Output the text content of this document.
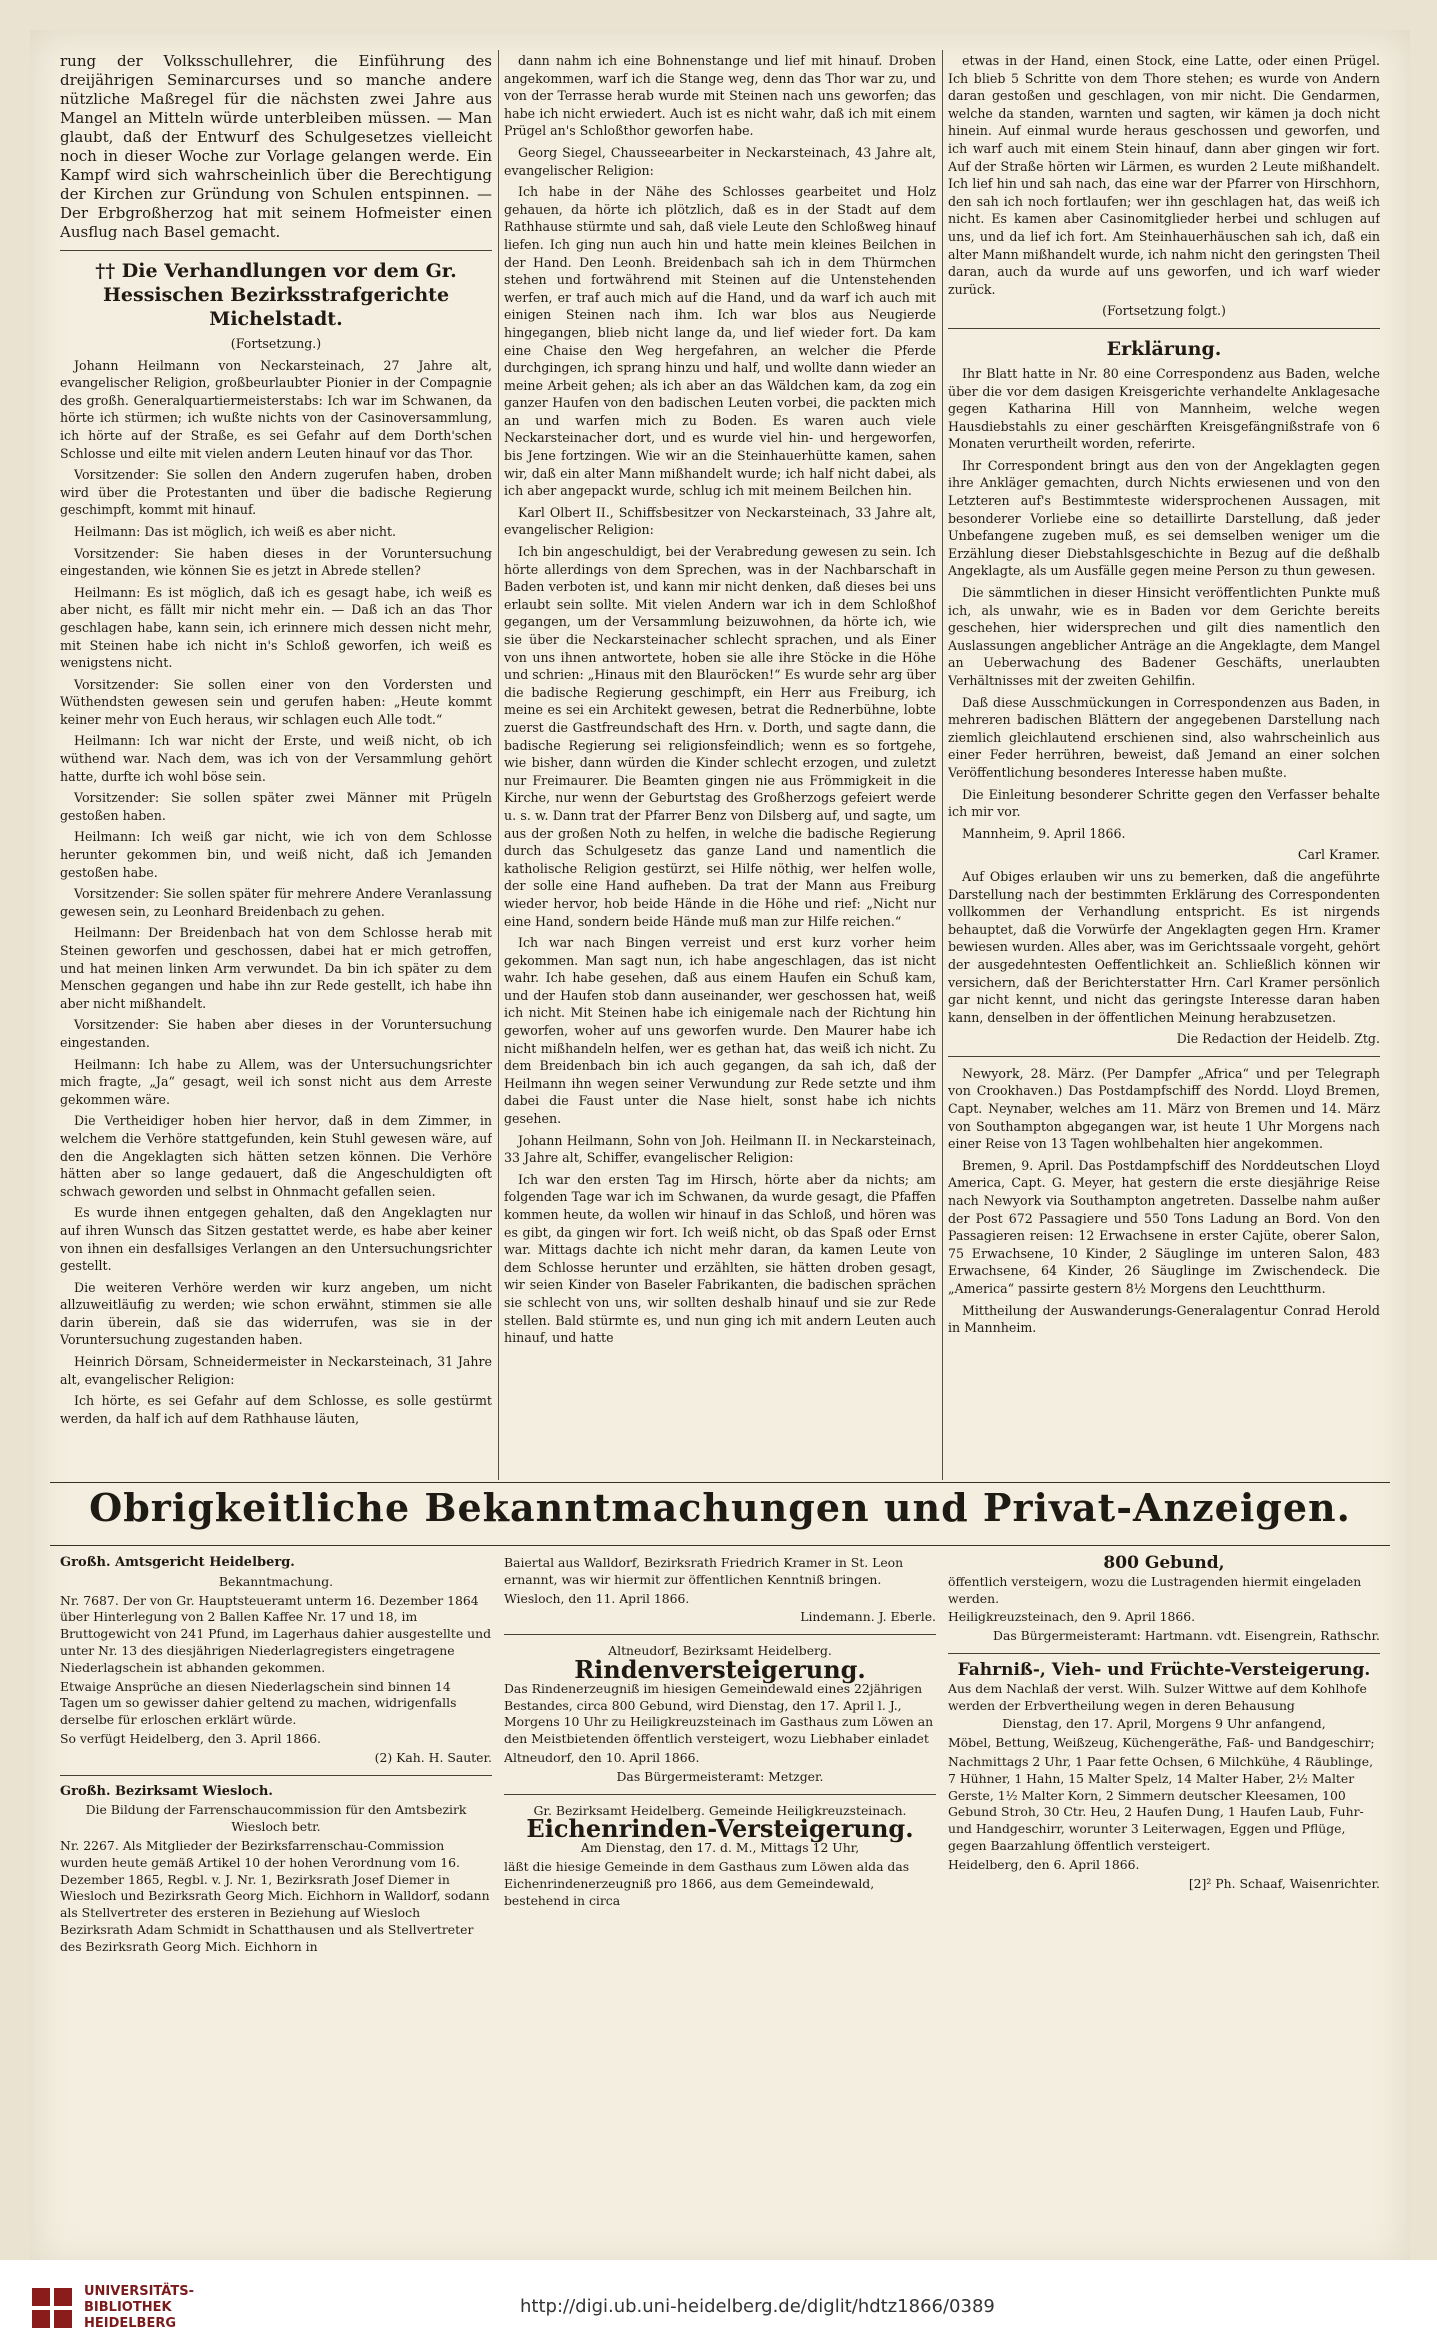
rung der Volksschullehrer, die Einführung des dreijährigen Seminarcurses und so manche andere nützliche Maßregel für die nächsten zwei Jahre aus Mangel an Mitteln würde unterbleiben müssen. — Man glaubt, daß der Entwurf des Schulgesetzes vielleicht noch in dieser Woche zur Vorlage gelangen werde. Ein Kampf wird sich wahrscheinlich über die Berechtigung der Kirchen zur Gründung von Schulen entspinnen. — Der Erbgroßherzog hat mit seinem Hofmeister einen Ausflug nach Basel gemacht.

†† Die Verhandlungen vor dem Gr. Hessischen Bezirksstrafgerichte Michelstadt.

(Fortsetzung.)

Johann Heilmann von Neckarsteinach, 27 Jahre alt, evangelischer Religion, großbeurlaubter Pionier in der Compagnie des großh. Generalquartiermeisterstabs: Ich war im Schwanen, da hörte ich stürmen; ich wußte nichts von der Casinoversammlung, ich hörte auf der Straße, es sei Gefahr auf dem Dorth'schen Schlosse und eilte mit vielen andern Leuten hinauf vor das Thor.

Vorsitzender: Sie sollen den Andern zugerufen haben, droben wird über die Protestanten und über die badische Regierung geschimpft, kommt mit hinauf.

Heilmann: Das ist möglich, ich weiß es aber nicht.

Vorsitzender: Sie haben dieses in der Voruntersuchung eingestanden, wie können Sie es jetzt in Abrede stellen?

Heilmann: Es ist möglich, daß ich es gesagt habe, ich weiß es aber nicht, es fällt mir nicht mehr ein. — Daß ich an das Thor geschlagen habe, kann sein, ich erinnere mich dessen nicht mehr, mit Steinen habe ich nicht in's Schloß geworfen, ich weiß es wenigstens nicht.

Vorsitzender: Sie sollen einer von den Vordersten und Wüthendsten gewesen sein und gerufen haben: „Heute kommt keiner mehr von Euch heraus, wir schlagen euch Alle todt.“

Heilmann: Ich war nicht der Erste, und weiß nicht, ob ich wüthend war. Nach dem, was ich von der Versammlung gehört hatte, durfte ich wohl böse sein.

Vorsitzender: Sie sollen später zwei Männer mit Prügeln gestoßen haben.

Heilmann: Ich weiß gar nicht, wie ich von dem Schlosse herunter gekommen bin, und weiß nicht, daß ich Jemanden gestoßen habe.

Vorsitzender: Sie sollen später für mehrere Andere Veranlassung gewesen sein, zu Leonhard Breidenbach zu gehen.

Heilmann: Der Breidenbach hat von dem Schlosse herab mit Steinen geworfen und geschossen, dabei hat er mich getroffen, und hat meinen linken Arm verwundet. Da bin ich später zu dem Menschen gegangen und habe ihn zur Rede gestellt, ich habe ihn aber nicht mißhandelt.

Vorsitzender: Sie haben aber dieses in der Voruntersuchung eingestanden.

Heilmann: Ich habe zu Allem, was der Untersuchungsrichter mich fragte, „Ja“ gesagt, weil ich sonst nicht aus dem Arreste gekommen wäre.

Die Vertheidiger hoben hier hervor, daß in dem Zimmer, in welchem die Verhöre stattgefunden, kein Stuhl gewesen wäre, auf den die Angeklagten sich hätten setzen können. Die Verhöre hätten aber so lange gedauert, daß die Angeschuldigten oft schwach geworden und selbst in Ohnmacht gefallen seien.

Es wurde ihnen entgegen gehalten, daß den Angeklagten nur auf ihren Wunsch das Sitzen gestattet werde, es habe aber keiner von ihnen ein desfallsiges Verlangen an den Untersuchungsrichter gestellt.

Die weiteren Verhöre werden wir kurz angeben, um nicht allzuweitläufig zu werden; wie schon erwähnt, stimmen sie alle darin überein, daß sie das widerrufen, was sie in der Voruntersuchung zugestanden haben.

Heinrich Dörsam, Schneidermeister in Neckarsteinach, 31 Jahre alt, evangelischer Religion:

Ich hörte, es sei Gefahr auf dem Schlosse, es solle gestürmt werden, da half ich auf dem Rathhause läuten,

dann nahm ich eine Bohnenstange und lief mit hinauf. Droben angekommen, warf ich die Stange weg, denn das Thor war zu, und von der Terrasse herab wurde mit Steinen nach uns geworfen; das habe ich nicht erwiedert. Auch ist es nicht wahr, daß ich mit einem Prügel an's Schloßthor geworfen habe.

Georg Siegel, Chausseearbeiter in Neckarsteinach, 43 Jahre alt, evangelischer Religion:

Ich habe in der Nähe des Schlosses gearbeitet und Holz gehauen, da hörte ich plötzlich, daß es in der Stadt auf dem Rathhause stürmte und sah, daß viele Leute den Schloßweg hinauf liefen. Ich ging nun auch hin und hatte mein kleines Beilchen in der Hand. Den Leonh. Breidenbach sah ich in dem Thürmchen stehen und fortwährend mit Steinen auf die Untenstehenden werfen, er traf auch mich auf die Hand, und da warf ich auch mit einigen Steinen nach ihm. Ich war blos aus Neugierde hingegangen, blieb nicht lange da, und lief wieder fort. Da kam eine Chaise den Weg hergefahren, an welcher die Pferde durchgingen, ich sprang hinzu und half, und wollte dann wieder an meine Arbeit gehen; als ich aber an das Wäldchen kam, da zog ein ganzer Haufen von den badischen Leuten vorbei, die packten mich an und warfen mich zu Boden. Es waren auch viele Neckarsteinacher dort, und es wurde viel hin- und hergeworfen, bis Jene fortzingen. Wie wir an die Steinhauerhütte kamen, sahen wir, daß ein alter Mann mißhandelt wurde; ich half nicht dabei, als ich aber angepackt wurde, schlug ich mit meinem Beilchen hin.

Karl Olbert II., Schiffsbesitzer von Neckarsteinach, 33 Jahre alt, evangelischer Religion:

Ich bin angeschuldigt, bei der Verabredung gewesen zu sein. Ich hörte allerdings von dem Sprechen, was in der Nachbarschaft in Baden verboten ist, und kann mir nicht denken, daß dieses bei uns erlaubt sein sollte. Mit vielen Andern war ich in dem Schloßhof gegangen, um der Versammlung beizuwohnen, da hörte ich, wie sie über die Neckarsteinacher schlecht sprachen, und als Einer von uns ihnen antwortete, hoben sie alle ihre Stöcke in die Höhe und schrien: „Hinaus mit den Blauröcken!“ Es wurde sehr arg über die badische Regierung geschimpft, ein Herr aus Freiburg, ich meine es sei ein Architekt gewesen, betrat die Rednerbühne, lobte zuerst die Gastfreundschaft des Hrn. v. Dorth, und sagte dann, die badische Regierung sei religionsfeindlich; wenn es so fortgehe, wie bisher, dann würden die Kinder schlecht erzogen, und zuletzt nur Freimaurer. Die Beamten gingen nie aus Frömmigkeit in die Kirche, nur wenn der Geburtstag des Großherzogs gefeiert werde u. s. w. Dann trat der Pfarrer Benz von Dilsberg auf, und sagte, um aus der großen Noth zu helfen, in welche die badische Regierung durch das Schulgesetz das ganze Land und namentlich die katholische Religion gestürzt, sei Hilfe nöthig, wer helfen wolle, der solle eine Hand aufheben. Da trat der Mann aus Freiburg wieder hervor, hob beide Hände in die Höhe und rief: „Nicht nur eine Hand, sondern beide Hände muß man zur Hilfe reichen.“

Ich war nach Bingen verreist und erst kurz vorher heim gekommen. Man sagt nun, ich habe angeschlagen, das ist nicht wahr. Ich habe gesehen, daß aus einem Haufen ein Schuß kam, und der Haufen stob dann auseinander, wer geschossen hat, weiß ich nicht. Mit Steinen habe ich einigemale nach der Richtung hin geworfen, woher auf uns geworfen wurde. Den Maurer habe ich nicht mißhandeln helfen, wer es gethan hat, das weiß ich nicht. Zu dem Breidenbach bin ich auch gegangen, da sah ich, daß der Heilmann ihn wegen seiner Verwundung zur Rede setzte und ihm dabei die Faust unter die Nase hielt, sonst habe ich nichts gesehen.

Johann Heilmann, Sohn von Joh. Heilmann II. in Neckarsteinach, 33 Jahre alt, Schiffer, evangelischer Religion:

Ich war den ersten Tag im Hirsch, hörte aber da nichts; am folgenden Tage war ich im Schwanen, da wurde gesagt, die Pfaffen kommen heute, da wollen wir hinauf in das Schloß, und hören was es gibt, da gingen wir fort. Ich weiß nicht, ob das Spaß oder Ernst war. Mittags dachte ich nicht mehr daran, da kamen Leute von dem Schlosse herunter und erzählten, sie hätten droben gesagt, wir seien Kinder von Baseler Fabrikanten, die badischen sprächen sie schlecht von uns, wir sollten deshalb hinauf und sie zur Rede stellen. Bald stürmte es, und nun ging ich mit andern Leuten auch hinauf, und hatte

etwas in der Hand, einen Stock, eine Latte, oder einen Prügel. Ich blieb 5 Schritte von dem Thore stehen; es wurde von Andern daran gestoßen und geschlagen, von mir nicht. Die Gendarmen, welche da standen, warnten und sagten, wir kämen ja doch nicht hinein. Auf einmal wurde heraus geschossen und geworfen, und ich warf auch mit einem Stein hinauf, dann aber gingen wir fort. Auf der Straße hörten wir Lärmen, es wurden 2 Leute mißhandelt. Ich lief hin und sah nach, das eine war der Pfarrer von Hirschhorn, den sah ich noch fortlaufen; wer ihn geschlagen hat, das weiß ich nicht. Es kamen aber Casinomitglieder herbei und schlugen auf uns, und da lief ich fort. Am Steinhauerhäuschen sah ich, daß ein alter Mann mißhandelt wurde, ich nahm nicht den geringsten Theil daran, auch da wurde auf uns geworfen, und ich warf wieder zurück.

(Fortsetzung folgt.)

Erklärung.

Ihr Blatt hatte in Nr. 80 eine Correspondenz aus Baden, welche über die vor dem dasigen Kreisgerichte verhandelte Anklagesache gegen Katharina Hill von Mannheim, welche wegen Hausdiebstahls zu einer geschärften Kreisgefängnißstrafe von 6 Monaten verurtheilt worden, referirte.

Ihr Correspondent bringt aus den von der Angeklagten gegen ihre Ankläger gemachten, durch Nichts erwiesenen und von den Letzteren auf's Bestimmteste widersprochenen Aussagen, mit besonderer Vorliebe eine so detaillirte Darstellung, daß jeder Unbefangene zugeben muß, es sei demselben weniger um die Erzählung dieser Diebstahlsgeschichte in Bezug auf die deßhalb Angeklagte, als um Ausfälle gegen meine Person zu thun gewesen.

Die sämmtlichen in dieser Hinsicht veröffentlichten Punkte muß ich, als unwahr, wie es in Baden vor dem Gerichte bereits geschehen, hier widersprechen und gilt dies namentlich den Auslassungen angeblicher Anträge an die Angeklagte, dem Mangel an Ueberwachung des Badener Geschäfts, unerlaubten Verhältnisses mit der zweiten Gehilfin.

Daß diese Ausschmückungen in Correspondenzen aus Baden, in mehreren badischen Blättern der angegebenen Darstellung nach ziemlich gleichlautend erschienen sind, also wahrscheinlich aus einer Feder herrühren, beweist, daß Jemand an einer solchen Veröffentlichung besonderes Interesse haben mußte.

Die Einleitung besonderer Schritte gegen den Verfasser behalte ich mir vor.

Mannheim, 9. April 1866.

Carl Kramer.

Auf Obiges erlauben wir uns zu bemerken, daß die angeführte Darstellung nach der bestimmten Erklärung des Correspondenten vollkommen der Verhandlung entspricht. Es ist nirgends behauptet, daß die Vorwürfe der Angeklagten gegen Hrn. Kramer bewiesen wurden. Alles aber, was im Gerichtssaale vorgeht, gehört der ausgedehntesten Oeffentlichkeit an. Schließlich können wir versichern, daß der Berichterstatter Hrn. Carl Kramer persönlich gar nicht kennt, und nicht das geringste Interesse daran haben kann, denselben in der öffentlichen Meinung herabzusetzen.

Die Redaction der Heidelb. Ztg.

Newyork, 28. März. (Per Dampfer „Africa“ und per Telegraph von Crookhaven.) Das Postdampfschiff des Nordd. Lloyd Bremen, Capt. Neynaber, welches am 11. März von Bremen und 14. März von Southampton abgegangen war, ist heute 1 Uhr Morgens nach einer Reise von 13 Tagen wohlbehalten hier angekommen.

Bremen, 9. April. Das Postdampfschiff des Norddeutschen Lloyd America, Capt. G. Meyer, hat gestern die erste diesjährige Reise nach Newyork via Southampton angetreten. Dasselbe nahm außer der Post 672 Passagiere und 550 Tons Ladung an Bord. Von den Passagieren reisen: 12 Erwachsene in erster Cajüte, oberer Salon, 75 Erwachsene, 10 Kinder, 2 Säuglinge im unteren Salon, 483 Erwachsene, 64 Kinder, 26 Säuglinge im Zwischendeck. Die „America“ passirte gestern 8½ Morgens den Leuchtthurm.

Mittheilung der Auswanderungs-Generalagentur Conrad Herold in Mannheim.

Obrigkeitliche Bekanntmachungen und Privat-Anzeigen.

Großh. Amtsgericht Heidelberg.

Bekanntmachung.

Nr. 7687. Der von Gr. Hauptsteueramt unterm 16. Dezember 1864 über Hinterlegung von 2 Ballen Kaffee Nr. 17 und 18, im Bruttogewicht von 241 Pfund, im Lagerhaus dahier ausgestellte und unter Nr. 13 des diesjährigen Niederlagregisters eingetragene Niederlagschein ist abhanden gekommen.

Etwaige Ansprüche an diesen Niederlagschein sind binnen 14 Tagen um so gewisser dahier geltend zu machen, widrigenfalls derselbe für erloschen erklärt würde.

So verfügt Heidelberg, den 3. April 1866.

(2) Kah. H. Sauter.

Großh. Bezirksamt Wiesloch.

Die Bildung der Farrenschaucommission für den Amtsbezirk Wiesloch betr.

Nr. 2267. Als Mitglieder der Bezirksfarrenschau-Commission wurden heute gemäß Artikel 10 der hohen Verordnung vom 16. Dezember 1865, Regbl. v. J. Nr. 1, Bezirksrath Josef Diemer in Wiesloch und Bezirksrath Georg Mich. Eichhorn in Walldorf, sodann als Stellvertreter des ersteren in Beziehung auf Wiesloch Bezirksrath Adam Schmidt in Schatthausen und als Stellvertreter des Bezirksrath Georg Mich. Eichhorn in

Baiertal aus Walldorf, Bezirksrath Friedrich Kramer in St. Leon ernannt, was wir hiermit zur öffentlichen Kenntniß bringen.

Wiesloch, den 11. April 1866.

Lindemann. J. Eberle.

Altneudorf, Bezirksamt Heidelberg.

Rindenversteigerung.

Das Rindenerzeugniß im hiesigen Gemeindewald eines 22jährigen Bestandes, circa 800 Gebund, wird Dienstag, den 17. April l. J., Morgens 10 Uhr zu Heiligkreuzsteinach im Gasthaus zum Löwen an den Meistbietenden öffentlich versteigert, wozu Liebhaber einladet

Altneudorf, den 10. April 1866.

Das Bürgermeisteramt: Metzger.

Gr. Bezirksamt Heidelberg. Gemeinde Heiligkreuzsteinach.

Eichenrinden-Versteigerung.

Am Dienstag, den 17. d. M., Mittags 12 Uhr,

läßt die hiesige Gemeinde in dem Gasthaus zum Löwen alda das Eichenrindenerzeugniß pro 1866, aus dem Gemeindewald, bestehend in circa

800 Gebund,

öffentlich versteigern, wozu die Lustragenden hiermit eingeladen werden.

Heiligkreuzsteinach, den 9. April 1866.

Das Bürgermeisteramt: Hartmann. vdt. Eisengrein, Rathschr.

Fahrniß-, Vieh- und Früchte-Versteigerung.

Aus dem Nachlaß der verst. Wilh. Sulzer Wittwe auf dem Kohlhofe werden der Erbvertheilung wegen in deren Behausung

Dienstag, den 17. April, Morgens 9 Uhr anfangend,

Möbel, Bettung, Weißzeug, Küchengeräthe, Faß- und Bandgeschirr;

Nachmittags 2 Uhr, 1 Paar fette Ochsen, 6 Milchkühe, 4 Räublinge, 7 Hühner, 1 Hahn, 15 Malter Spelz, 14 Malter Haber, 2½ Malter Gerste, 1½ Malter Korn, 2 Simmern deutscher Kleesamen, 100 Gebund Stroh, 30 Ctr. Heu, 2 Haufen Dung, 1 Haufen Laub, Fuhr- und Handgeschirr, worunter 3 Leiterwagen, Eggen und Pflüge, gegen Baarzahlung öffentlich versteigert.

Heidelberg, den 6. April 1866.

[2]² Ph. Schaaf, Waisenrichter.

UNIVERSITÄTS-
BIBLIOTHEK
HEIDELBERG
http://digi.ub.uni-heidelberg.de/diglit/hdtz1866/0389
